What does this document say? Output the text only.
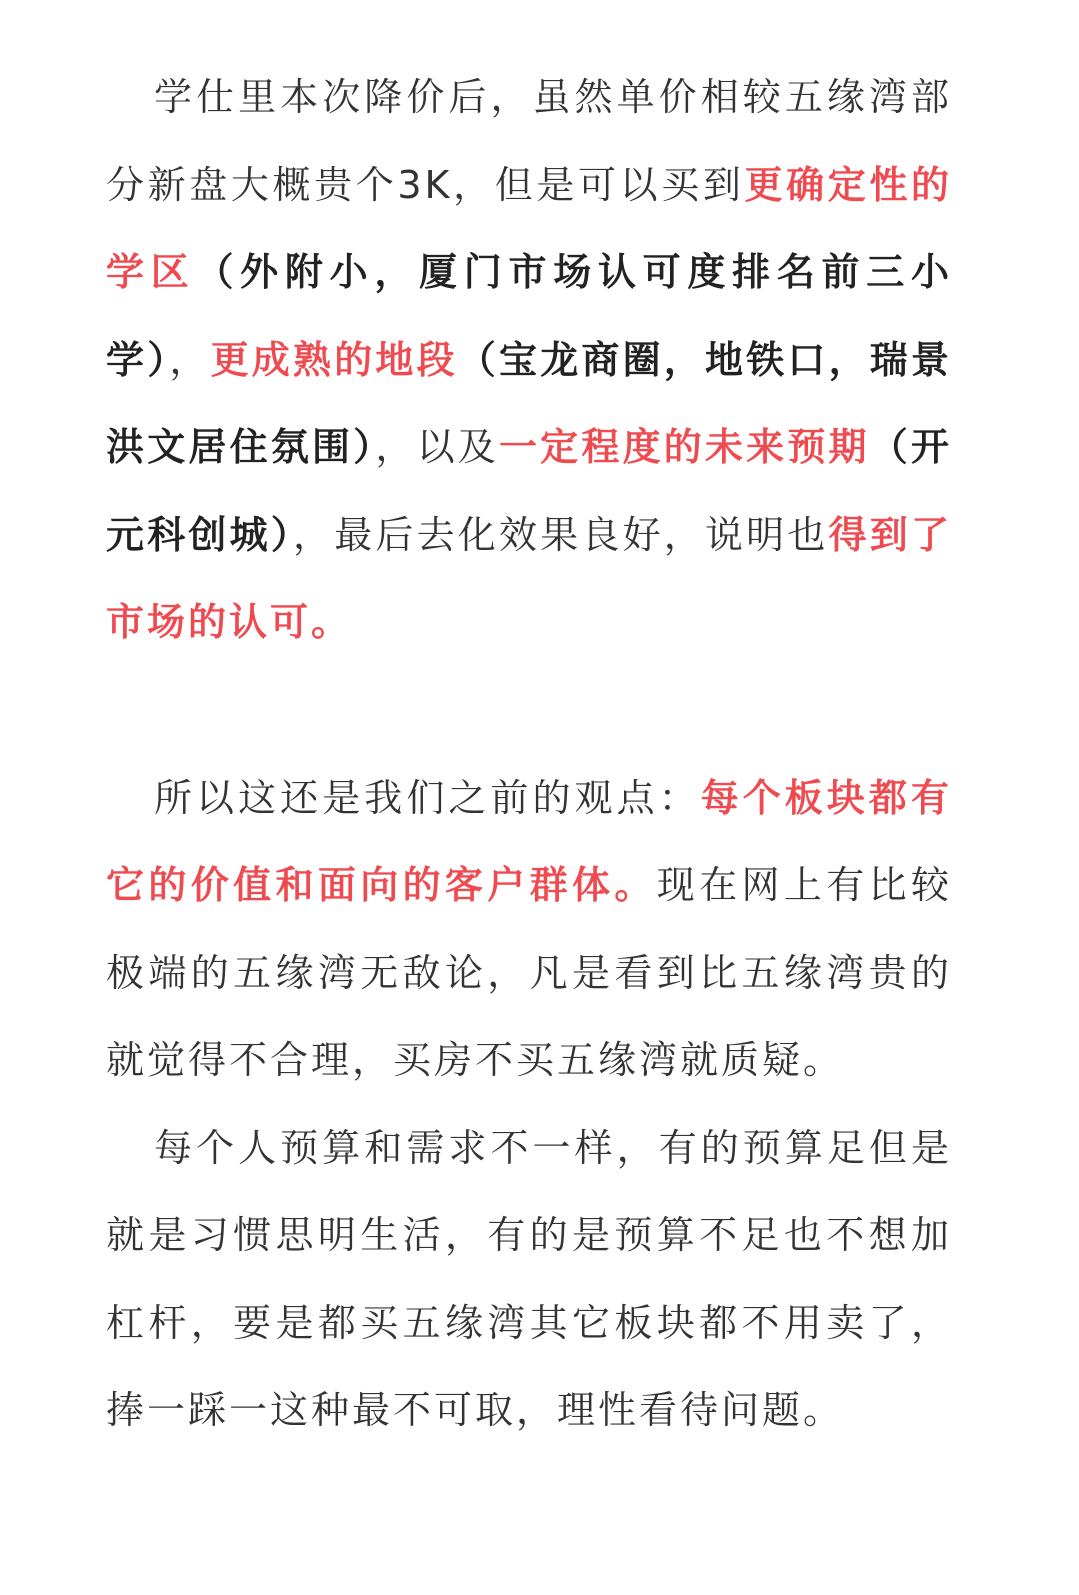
学仕里本次降价后，虽然单价相较五缘湾部分新盘大概贵个3K，但是可以买到更确定性的学区（外附小，厦门市场认可度排名前三小学），更成熟的地段（宝龙商圈，地铁口，瑞景洪文居住氛围），以及一定程度的未来预期（开元科创城），最后去化效果良好，说明也得到了市场的认可。

所以这还是我们之前的观点：每个板块都有它的价值和面向的客户群体。现在网上有比较极端的五缘湾无敌论，凡是看到比五缘湾贵的就觉得不合理，买房不买五缘湾就质疑。

每个人预算和需求不一样，有的预算足但是就是习惯思明生活，有的是预算不足也不想加杠杆，要是都买五缘湾其它板块都不用卖了，捧一踩一这种最不可取，理性看待问题。
